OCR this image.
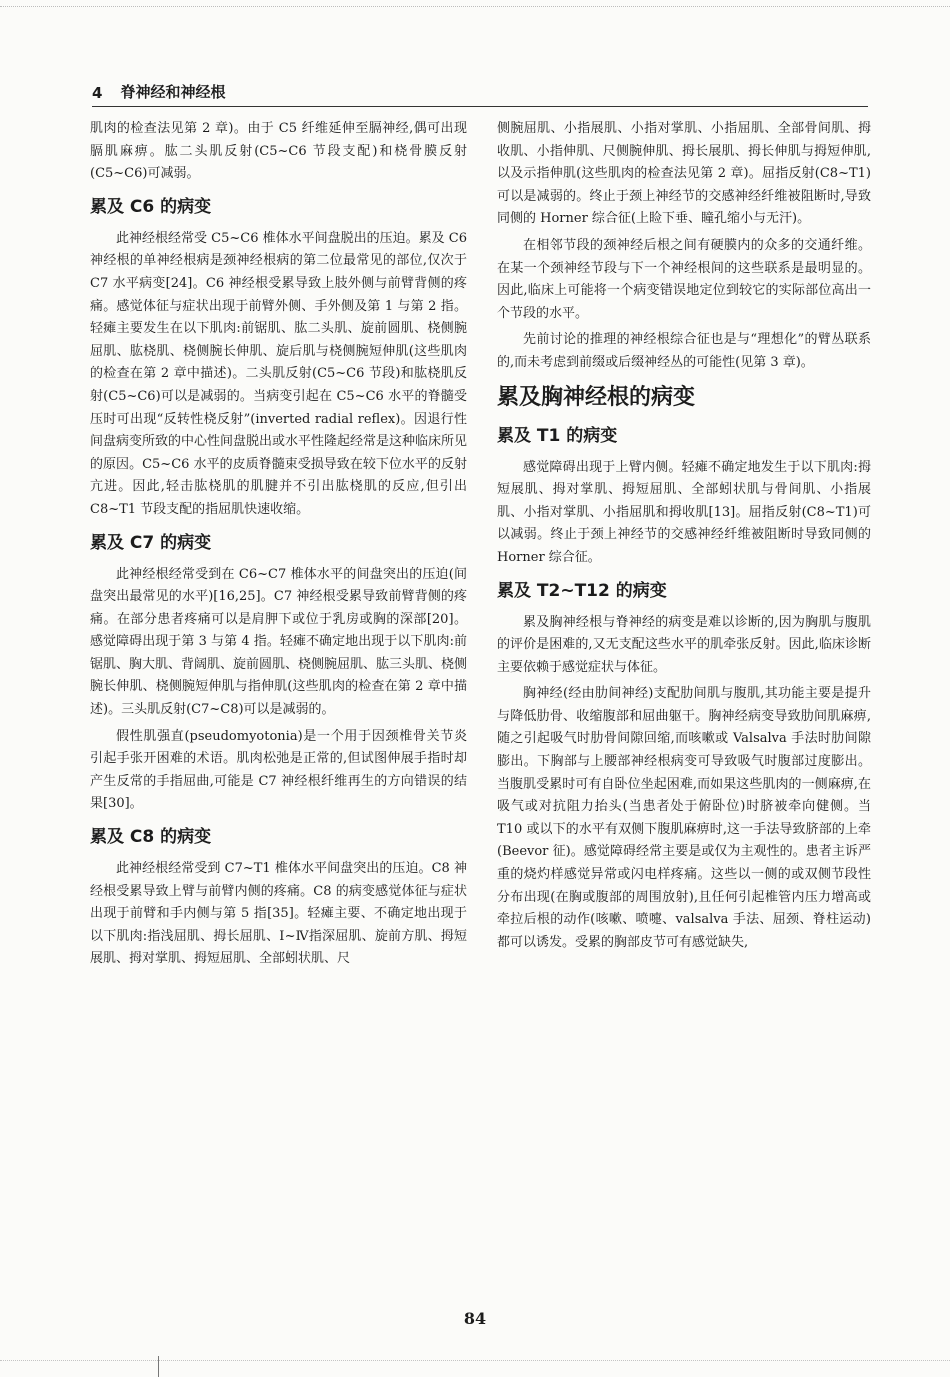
4 脊神经和神经根

肌肉的检查法见第 2 章)。由于 C5 纤维延伸至膈神经,偶可出现膈肌麻痹。肱二头肌反射(C5~C6 节段支配)和桡骨膜反射(C5~C6)可减弱。

累及 C6 的病变

此神经根经常受 C5~C6 椎体水平间盘脱出的压迫。累及 C6 神经根的单神经根病是颈神经根病的第二位最常见的部位,仅次于 C7 水平病变[24]。C6 神经根受累导致上肢外侧与前臂背侧的疼痛。感觉体征与症状出现于前臂外侧、手外侧及第 1 与第 2 指。轻瘫主要发生在以下肌肉:前锯肌、肱二头肌、旋前圆肌、桡侧腕屈肌、肱桡肌、桡侧腕长伸肌、旋后肌与桡侧腕短伸肌(这些肌肉的检查在第 2 章中描述)。二头肌反射(C5~C6 节段)和肱桡肌反射(C5~C6)可以是减弱的。当病变引起在 C5~C6 水平的脊髓受压时可出现“反转性桡反射”(inverted radial reflex)。因退行性间盘病变所致的中心性间盘脱出或水平性隆起经常是这种临床所见的原因。C5~C6 水平的皮质脊髓束受损导致在较下位水平的反射亢进。因此,轻击肱桡肌的肌腱并不引出肱桡肌的反应,但引出 C8~T1 节段支配的指屈肌快速收缩。

累及 C7 的病变

此神经根经常受到在 C6~C7 椎体水平的间盘突出的压迫(间盘突出最常见的水平)[16,25]。C7 神经根受累导致前臂背侧的疼痛。在部分患者疼痛可以是肩胛下或位于乳房或胸的深部[20]。感觉障碍出现于第 3 与第 4 指。轻瘫不确定地出现于以下肌肉:前锯肌、胸大肌、背阔肌、旋前圆肌、桡侧腕屈肌、肱三头肌、桡侧腕长伸肌、桡侧腕短伸肌与指伸肌(这些肌肉的检查在第 2 章中描述)。三头肌反射(C7~C8)可以是减弱的。

假性肌强直(pseudomyotonia)是一个用于因颈椎骨关节炎引起手张开困难的术语。肌肉松弛是正常的,但试图伸展手指时却产生反常的手指屈曲,可能是 C7 神经根纤维再生的方向错误的结果[30]。

累及 C8 的病变

此神经根经常受到 C7~T1 椎体水平间盘突出的压迫。C8 神经根受累导致上臂与前臂内侧的疼痛。C8 的病变感觉体征与症状出现于前臂和手内侧与第 5 指[35]。轻瘫主要、不确定地出现于以下肌肉:指浅屈肌、拇长屈肌、Ⅰ~Ⅳ指深屈肌、旋前方肌、拇短展肌、拇对掌肌、拇短屈肌、全部蚓状肌、尺

侧腕屈肌、小指展肌、小指对掌肌、小指屈肌、全部骨间肌、拇收肌、小指伸肌、尺侧腕伸肌、拇长展肌、拇长伸肌与拇短伸肌,以及示指伸肌(这些肌肉的检查法见第 2 章)。屈指反射(C8~T1)可以是减弱的。终止于颈上神经节的交感神经纤维被阻断时,导致同侧的 Horner 综合征(上睑下垂、瞳孔缩小与无汗)。

在相邻节段的颈神经后根之间有硬膜内的众多的交通纤维。在某一个颈神经节段与下一个神经根间的这些联系是最明显的。因此,临床上可能将一个病变错误地定位到较它的实际部位高出一个节段的水平。

先前讨论的推理的神经根综合征也是与“理想化”的臂丛联系的,而未考虑到前缀或后缀神经丛的可能性(见第 3 章)。

累及胸神经根的病变
累及 T1 的病变

感觉障碍出现于上臂内侧。轻瘫不确定地发生于以下肌肉:拇短展肌、拇对掌肌、拇短屈肌、全部蚓状肌与骨间肌、小指展肌、小指对掌肌、小指屈肌和拇收肌[13]。屈指反射(C8~T1)可以减弱。终止于颈上神经节的交感神经纤维被阻断时导致同侧的 Horner 综合征。

累及 T2~T12 的病变

累及胸神经根与脊神经的病变是难以诊断的,因为胸肌与腹肌的评价是困难的,又无支配这些水平的肌牵张反射。因此,临床诊断主要依赖于感觉症状与体征。

胸神经(经由肋间神经)支配肋间肌与腹肌,其功能主要是提升与降低肋骨、收缩腹部和屈曲躯干。胸神经病变导致肋间肌麻痹,随之引起吸气时肋骨间隙回缩,而咳嗽或 Valsalva 手法时肋间隙膨出。下胸部与上腰部神经根病变可导致吸气时腹部过度膨出。当腹肌受累时可有自卧位坐起困难,而如果这些肌肉的一侧麻痹,在吸气或对抗阻力抬头(当患者处于俯卧位)时脐被牵向健侧。当 T10 或以下的水平有双侧下腹肌麻痹时,这一手法导致脐部的上牵(Beevor 征)。感觉障碍经常主要是或仅为主观性的。患者主诉严重的烧灼样感觉异常或闪电样疼痛。这些以一侧的或双侧节段性分布出现(在胸或腹部的周围放射),且任何引起椎管内压力增高或牵拉后根的动作(咳嗽、喷嚏、valsalva 手法、屈颈、脊柱运动)都可以诱发。受累的胸部皮节可有感觉缺失,

84
